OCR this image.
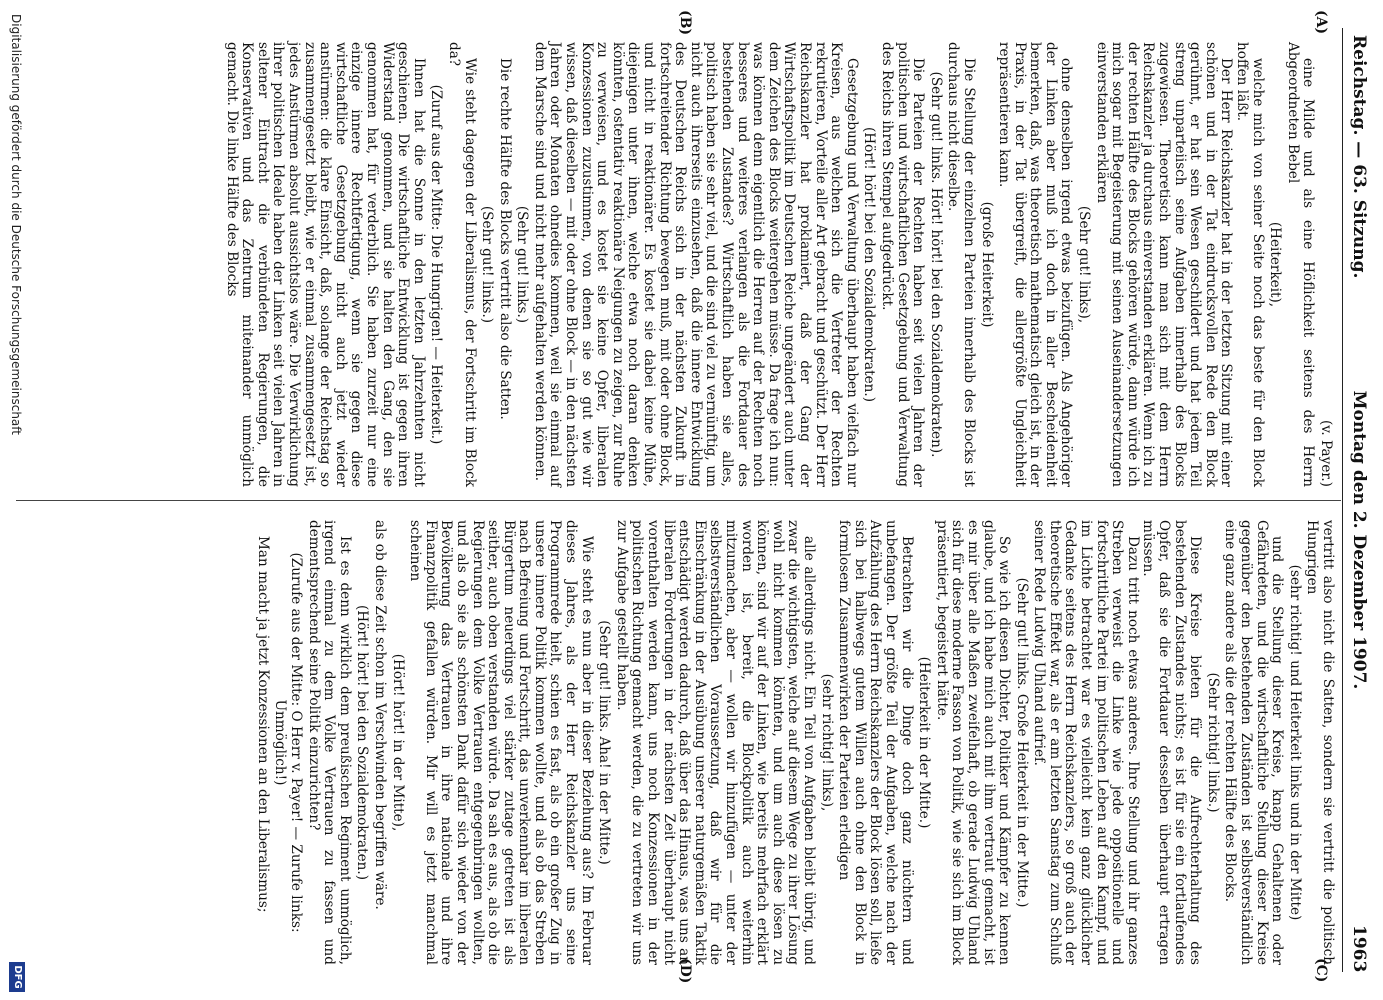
Reichstag. — 63. Sitzung.
Montag den 2. Dezember 1907.
1963
(A)
(B)
(C)
(D)

(v. Payer.)

eine Milde und als eine Höflichkeit seitens des Herrn Abgeordneten Bebel

(Heiterkeit),

welche mich von seiner Seite noch das beste für den Block hoffen läßt.

Der Herr Reichskanzler hat in der letzten Sitzung mit einer schönen und in der Tat eindrucksvollen Rede den Block gerühmt, er hat sein Wesen geschildert und hat jedem Teil streng unparteiisch seine Aufgaben innerhalb des Blocks zugewiesen. Theoretisch kann man sich mit dem Herrn Reichskanzler ja durchaus einverstanden erklären. Wenn ich zu der rechten Hälfte des Blocks gehören würde, dann würde ich mich sogar mit Begeisterung mit seinen Auseinandersetzungen einverstanden erklären

(Sehr gut! links),

ohne denselben irgend etwas beizufügen. Als Angehöriger der Linken aber muß ich doch in aller Bescheidenheit bemerken, daß, was theoretisch mathematisch gleich ist, in der Praxis, in der Tat übergreift, die allergrößte Ungleichheit repräsentieren kann.

(große Heiterkeit)

Die Stellung der einzelnen Parteien innerhalb des Blocks ist durchaus nicht dieselbe.

(Sehr gut! links. Hört! hört! bei den Sozialdemokraten).

Die Parteien der Rechten haben seit vielen Jahren der politischen und wirtschaftlichen Gesetzgebung und Verwaltung des Reichs ihren Stempel aufgedrückt.

(Hört! hört! bei den Sozialdemokraten.)

Gesetzgebung und Verwaltung überhaupt haben vielfach nur Kreisen, aus welchen sich die Vertreter der Rechten rekrutieren, Vorteile aller Art gebracht und geschützt. Der Herr Reichskanzler hat proklamiert, daß der Gang der Wirtschaftspolitik im Deutschen Reiche ungeändert auch unter dem Zeichen des Blocks weitergehen müsse. Da frage ich nun: was können denn eigentlich die Herren auf der Rechten noch besseres und weiteres verlangen als die Fortdauer des bestehenden Zustandes? Wirtschaftlich haben sie alles, politisch haben sie sehr viel, und die sind viel zu vernünftig, um nicht auch ihrerseits einzusehen, daß die innere Entwicklung des Deutschen Reichs sich in der nächsten Zukunft in fortschreitender Richtung bewegen muß, mit oder ohne Block, und nicht in reaktionärer. Es kostet sie dabei keine Mühe, diejenigen unter ihnen, welche etwa noch daran denken könnten, ostentativ reaktionäre Neigungen zu zeigen, zur Ruhe zu verweisen, und es kostet sie keine Opfer, liberalen Konzessionen zuzustimmen, von denen sie so gut wie wir wissen, daß dieselben — mit oder ohne Block — in den nächsten Jahren oder Monaten ohnedies kommen, weil sie einmal auf dem Marsche sind und nicht mehr aufgehalten werden können.

(Sehr gut! links.)

Die rechte Hälfte des Blocks vertritt also die Satten.

(Sehr gut! links.)

Wie steht dagegen der Liberalismus, der Fortschritt im Block da?

(Zuruf aus der Mitte: Die Hungrigen! — Heiterkeit.)

Ihnen hat die Sonne in den letzten Jahrzehnten nicht geschienen. Die wirtschaftliche Entwicklung ist gegen ihren Widerstand genommen, und sie halten den Gang, den sie genommen hat, für verderblich. Sie haben zurzeit nur eine einzige innere Rechtfertigung, wenn sie gegen diese wirtschaftliche Gesetzgebung nicht auch jetzt wieder anstürmen: die klare Einsicht, daß, solange der Reichstag so zusammengesetzt bleibt, wie er einmal zusammengesetzt ist, jedes Anstürmen absolut aussichtslos wäre. Die Verwirklichung ihrer politischen Ideale haben der Linken seit vielen Jahren in seltener Eintracht die verbündeten Regierungen, die Konservativen und das Zentrum miteinander unmöglich gemacht. Die linke Hälfte des Blocks

vertritt also nicht die Satten, sondern sie vertritt die politisch Hungrigen

(sehr richtig! und Heiterkeit links und in der Mitte)

und die Stellung dieser Kreise, knapp Gehaltenen oder Gefährdeten, und die wirtschaftliche Stellung dieser Kreise gegenüber den bestehenden Zuständen ist selbstverständlich eine ganz andere als die der rechten Hälfte des Blocks.

(Sehr richtig! links.)

Diese Kreise bieten für die Aufrechterhaltung des bestehenden Zustandes nichts; es ist für sie ein fortlaufendes Opfer, daß sie die Fortdauer desselben überhaupt ertragen müssen.

Dazu tritt noch etwas anderes. Ihre Stellung und ihr ganzes Streben verweist die Linke wie jede oppositionelle und fortschrittliche Partei im politischen Leben auf den Kampf, und im Lichte betrachtet war es vielleicht kein ganz glücklicher Gedanke seitens des Herrn Reichskanzlers, so groß auch der theoretische Effekt war, als er am letzten Samstag zum Schluß seiner Rede Ludwig Uhland aufrief.

(Sehr gut! links. Große Heiterkeit in der Mitte.)

So wie ich diesen Dichter, Politiker und Kämpfer zu kennen glaube, und ich habe mich auch mit ihm vertraut gemacht, ist es mir über alle Maßen zweifelhaft, ob gerade Ludwig Uhland sich für diese moderne Fasson von Politik, wie sie sich im Block präsentiert, begeistert hätte.

(Heiterkeit in der Mitte.)

Betrachten wir die Dinge doch ganz nüchtern und unbefangen. Der größte Teil der Aufgaben, welche nach der Aufzählung des Herrn Reichskanzlers der Block lösen soll, ließe sich bei halbwegs gutem Willen auch ohne den Block in formlosem Zusammenwirken der Parteien erledigen

(sehr richtig! links),

alle allerdings nicht. Ein Teil von Aufgaben bleibt übrig, und zwar die wichtigsten, welche auf diesem Wege zu ihrer Lösung wohl nicht kommen könnten, und um auch diese lösen zu können, sind wir auf der Linken, wie bereits mehrfach erklärt worden ist, bereit, die Blockpolitik auch weiterhin mitzumachen, aber — wollen wir hinzufügen — unter der selbstverständlichen Voraussetzung, daß wir für die Einschränkung in der Ausübung unserer naturgemäßen Taktik entschädigt werden dadurch, daß über das Hinaus, was uns an liberalen Forderungen in der nächsten Zeit überhaupt nicht vorenthalten werden kann, uns noch Konzessionen in der politischen Richtung gemacht werden, die zu vertreten wir uns zur Aufgabe gestellt haben.

(Sehr gut! links. Aha! in der Mitte.)

Wie steht es nun aber in dieser Beziehung aus? Im Februar dieses Jahres, als der Herr Reichskanzler uns seine Programmrede hielt, schien es fast, als ob ein großer Zug in unsere innere Politik kommen wollte, und als ob das Streben nach Befreiung und Fortschritt, das unverkennbar im liberalen Bürgertum neuerdings viel stärker zutage getreten ist als seither, auch oben verstanden würde. Da sah es aus, als ob die Regierungen dem Volke Vertrauen entgegenbringen wollten, und als ob sie als schönsten Dank dafür sich wieder von der Bevölkerung das Vertrauen in ihre nationale und ihre Finanzpolitik gefallen würden. Mir will es jetzt manchmal scheinen

(Hört! hört! in der Mitte),

als ob diese Zeit schon im Verschwinden begriffen wäre.

(Hört! hört! bei den Sozialdemokraten.)

Ist es denn wirklich dem preußischen Regiment unmöglich, irgend einmal zu dem Volke Vertrauen zu fassen und dementsprechend seine Politik einzurichten?

(Zurufe aus der Mitte: O Herr v. Payer! — Zurufe links: Unmöglich!)

Man macht ja jetzt Konzessionen an den Liberalismus;

Digitalisierung gefördert durch die Deutsche Forschungsgemeinschaft
DFG
